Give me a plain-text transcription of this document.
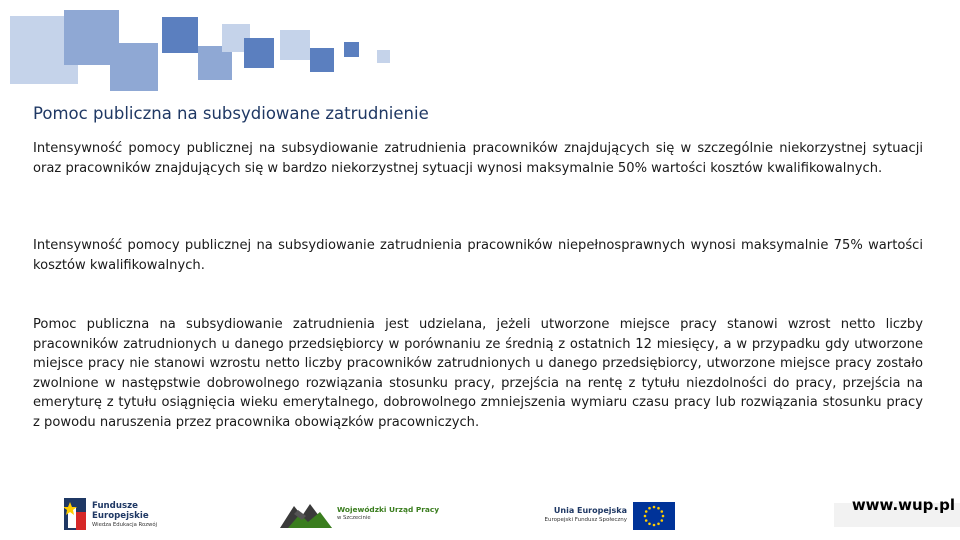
Pomoc publiczna na subsydiowane zatrudnienie

Intensywność pomocy publicznej na subsydiowanie zatrudnienia pracowników znajdujących się w szczególnie niekorzystnej sytuacji oraz pracowników znajdujących się w bardzo niekorzystnej sytuacji wynosi maksymalnie 50% wartości kosztów kwalifikowalnych.

Intensywność pomocy publicznej na subsydiowanie zatrudnienia pracowników niepełnosprawnych wynosi maksymalnie 75% wartości kosztów kwalifikowalnych.

Pomoc publiczna na subsydiowanie zatrudnienia jest udzielana, jeżeli utworzone miejsce pracy stanowi wzrost netto liczby pracowników zatrudnionych u danego przedsiębiorcy w porównaniu ze średnią z ostatnich 12 miesięcy, a w przypadku gdy utworzone miejsce pracy nie stanowi wzrostu netto liczby pracowników zatrudnionych u danego przedsiębiorcy, utworzone miejsce pracy zostało zwolnione w następstwie dobrowolnego rozwiązania stosunku pracy, przejścia na rentę z tytułu niezdolności do pracy, przejścia na emeryturę z tytułu osiągnięcia wieku emerytalnego, dobrowolnego zmniejszenia wymiaru czasu pracy lub rozwiązania stosunku pracy z powodu naruszenia przez pracownika obowiązków pracowniczych.

Fundusze
Europejskie
Wiedza Edukacja Rozwój
Wojewódzki Urząd Pracy
w Szczecinie
Unia Europejska
Europejski Fundusz Społeczny
www.wup.pl
